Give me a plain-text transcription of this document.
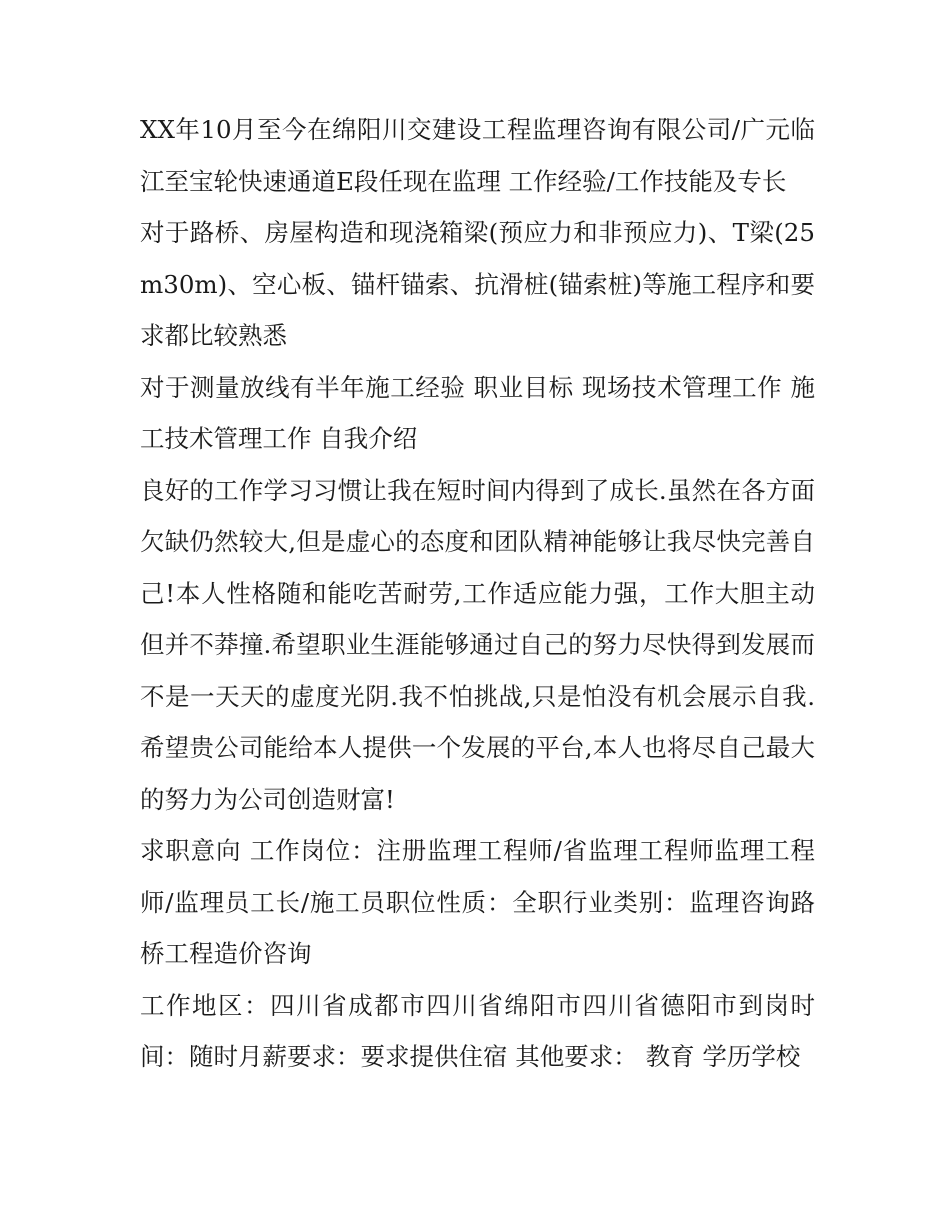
XX年10月至今在绵阳川交建设工程监理咨询有限公司/广元临江至宝轮快速通道E段任现在监理 工作经验/工作技能及专长

对于路桥、房屋构造和现浇箱梁(预应力和非预应力)、T梁(25m30m)、空心板、锚杆锚索、抗滑桩(锚索桩)等施工程序和要求都比较熟悉

对于测量放线有半年施工经验 职业目标 现场技术管理工作 施工技术管理工作 自我介绍

良好的工作学习习惯让我在短时间内得到了成长.虽然在各方面欠缺仍然较大,但是虚心的态度和团队精神能够让我尽快完善自己!本人性格随和能吃苦耐劳,工作适应能力强，工作大胆主动但并不莽撞.希望职业生涯能够通过自己的努力尽快得到发展而不是一天天的虚度光阴.我不怕挑战,只是怕没有机会展示自我.希望贵公司能给本人提供一个发展的平台,本人也将尽自己最大的努力为公司创造财富!

求职意向 工作岗位：注册监理工程师/省监理工程师监理工程师/监理员工长/施工员职位性质：全职行业类别：监理咨询路桥工程造价咨询

工作地区：四川省成都市四川省绵阳市四川省德阳市到岗时间：随时月薪要求：要求提供住宿 其他要求： 教育 学历学校
